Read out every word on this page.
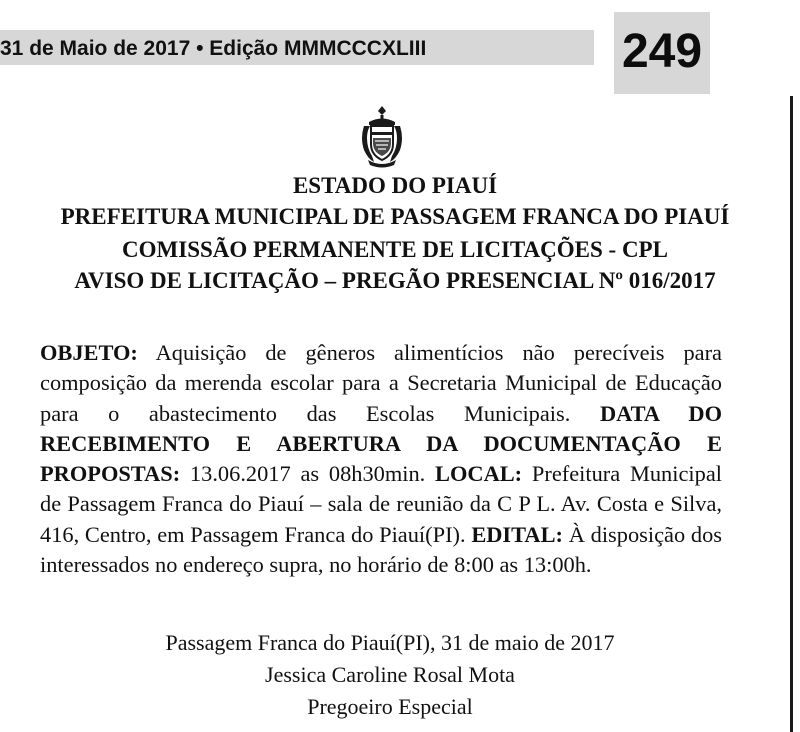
31 de Maio de 2017 • Edição MMMCCCXLIII	249
ESTADO DO PIAUÍ
PREFEITURA MUNICIPAL DE PASSAGEM FRANCA DO PIAUÍ
COMISSÃO PERMANENTE DE LICITAÇÕES - CPL
AVISO DE LICITAÇÃO – PREGÃO PRESENCIAL Nº 016/2017
OBJETO: Aquisição de gêneros alimentícios não perecíveis para composição da merenda escolar para a Secretaria Municipal de Educação para o abastecimento das Escolas Municipais. DATA DO RECEBIMENTO E ABERTURA DA DOCUMENTAÇÃO E PROPOSTAS: 13.06.2017 as 08h30min. LOCAL: Prefeitura Municipal de Passagem Franca do Piauí – sala de reunião da C P L. Av. Costa e Silva, 416, Centro, em Passagem Franca do Piauí(PI). EDITAL: À disposição dos interessados no endereço supra, no horário de 8:00 as 13:00h.
Passagem Franca do Piauí(PI), 31 de maio de 2017
Jessica Caroline Rosal Mota
Pregoeiro Especial
